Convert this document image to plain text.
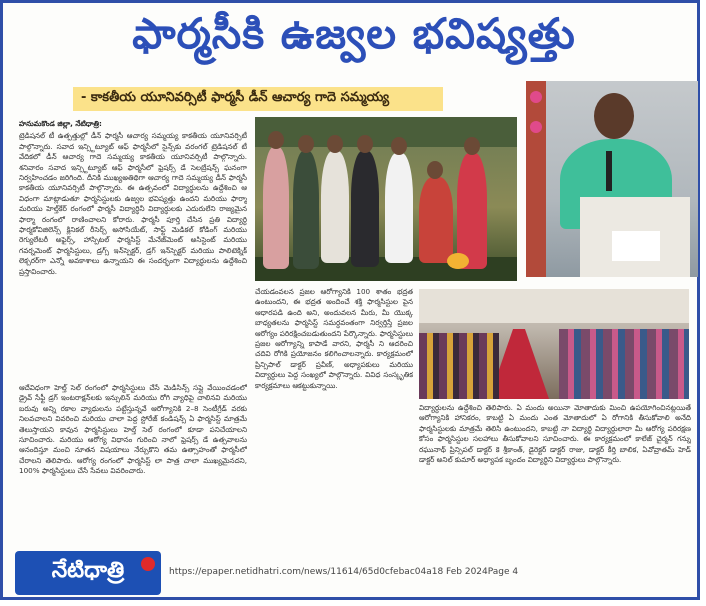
ఫార్మసీకి ఉజ్వల భవిష్యత్తు
- కాకతీయ యూనివర్సిటీ ఫార్మసీ డీన్ ఆచార్య గాదె సమ్మయ్య

హనుమకొండ జిల్లా, నేటిధాత్రి:

ట్రెడిషనల్ టీ ఉత్పత్తుల్లో డీన్ ఫార్మసీ ఆచార్య సమ్మయ్య కాకతీయ యూనివర్సిటీ పాల్గొన్నారు. సవాద ఇన్స్టిట్యూట్ ఆఫ్ ఫార్మసీలో సైన్స్‌కు వరంగల్ ట్రెడిషనల్ టీ వేదికలో డీన్ ఆచార్య గాదె సమ్మయ్య కాకతీయ యూనివర్సిటీ పాల్గొన్నారు. శనివారం సవాద ఇన్స్టిట్యూట్ ఆఫ్ ఫార్మసీలో ఫ్రెషర్స్ డే సెలబ్రేషన్స్ ఘనంగా నిర్వహించడం జరిగింది. దీనికి ముఖ్యఅతిథిగా ఆచార్య గాదె సమ్మయ్య డీన్ ఫార్మసీ కాకతీయ యూనివర్సిటీ పాల్గొన్నారు. ఈ ఉత్సవంలో విద్యార్థులను ఉద్దేశించి ఆ విధంగా మాట్లాడుతూ ఫార్మసిస్టులకు ఉజ్వల భవిష్యత్తు ఉందని మరియు ఫార్మా మరియు హెల్త్‌కేర్ రంగంలో ఫార్మసీ విద్యార్థినీ విద్యార్థులకు ఎదురులేని రాజ్యమైన ఫార్మా రంగంలో రాణించాలని కోరారు. ఫార్మసీ పూర్తి చేసిన ప్రతి విద్యార్థి ఫార్మకోవిజిలెన్స్ క్లినికల్ రీసెర్చ్ అసోసియేట్, సాఫ్ట్ మెడికల్ కోడింగ్ మరియు రెగ్యులేటరీ అఫైర్స్, హాస్పిటల్ ఫార్మసిస్ట్ మేనేజ్‌మెంట్ అసిస్టెంట్ మరియు గవర్నమెంట్ ఫార్మసిస్టులు, డ్రగ్స్ ఇన్‌స్పెక్టర్, డ్రగ్ ఇన్‌స్పెక్టర్ మరియు పాలిటెక్నిక్ లెక్చరర్‌గా ఎన్నో అవకాశాలు ఉన్నాయని ఈ సందర్భంగా విద్యార్థులను ఉద్దేశించి ప్రస్తావించారు.

ఆదేవిధంగా హెల్త్ సెల్ రంగంలో ఫార్మసిస్టులు చేసే మెడిసిన్స్ సప్లై వేయించడంలో డ్రైవ్ సేఫ్టీ డ్రగ్ ఇంటరాక్షన్‌లకు ఇన్సులిన్ మరియు రోగి వ్యాధిపై చాలినవి మరియు బరువు అన్ని రకాల వ్యాధులను పట్టేస్తున్నవే ఆరోగ్యానికి 2–8 సెంటీగ్రేడ్ వరకు నిలవచాలని వివరించి మరియు చాలా పెద్ద స్టోరేజ్ కండిషన్స్ ఏ ఫార్మసిస్ట్ మాత్రమే తెలుస్తాయని కావున ఫార్మసిస్టులు హెల్త్ సెల్ రంగంలో కూడా పనిచేయాలని సూచించారు. మరియు ఆరోగ్య విధానం గురించి నాలో ఫ్రెషర్స్ డే ఉత్సవాలను ఆనందిస్తూ మంచి నూతన విషయాలు నేర్చుకొని తమ ఉత్సాహంతో ఫార్మసీలో చేరాలని తెలిపారు. ఆరోగ్య రంగంలో ఫార్మసిస్ట్ లా పాత్ర చాలా ముఖ్యమైనదని, 100% ఫార్మసిస్టులు చేసే సేవలు వివరించారు.

చేయడంవలన ప్రజల ఆరోగ్యానికి 100 శాతం భద్రత ఉంటుందని, ఈ భద్రత అందించే శక్తి ఫార్మసిస్టుల పైన ఆధారపడి ఉంది అని, అందువలన మీరు, మీ యొక్క బాధ్యతలను ఫార్మసిస్ట్ సమర్థవంతంగా నిర్వర్తిస్తే ప్రజల ఆరోగ్యం పరిరక్షించబడుతుందని పేర్కొన్నారు. ఫార్మసిస్టులు ప్రజల ఆరోగ్యాన్ని కాపాడే వారని, ఫార్మసీ ని ఆదరించి చదివి రోగికి ప్రయోజనం కలిగించాలన్నారు. కార్యక్రమంలో ప్రిన్సిపాల్ డాక్టర్ ప్రవీణ్, అధ్యాపకులు మరియు విద్యార్థులు పెద్ద సంఖ్యలో పాల్గొన్నారు. వివిధ సంస్కృతిక కార్యక్రమాలు ఆకట్టుకున్నాయి.

విద్యార్థులను ఉద్దేశించి తెలిపారు. ఏ మందు అయినా మోతాదుకు మించి ఉపయోగించినట్లయితే ఆరోగ్యానికి హానికరం, కాబట్టి ఏ మందు ఎంత మోతాదులో ఏ రోగానికి తీసుకోవాలి అనేది ఫార్మసిస్టులకు మాత్రమే తెలిసి ఉంటుందని, కాబట్టి నా విద్యార్థి విద్యార్థులారా మీ ఆరోగ్య పరిరక్షణ కోసం ఫార్మసిస్టుల సలహాలు తీసుకోవాలని సూచించారు. ఈ కార్యక్రమంలో కాలేజ్ చైర్మన్ గన్ను రఘునాథ్ ప్రిన్సిపల్ డాక్టర్ కె శ్రీకాంత్, డైరెక్టర్ డాక్టర్ రాజు, డాక్టర్ కీర్తి బాలిక, ఏవోవ్రాతమ్ హెడ్ డాక్టర్ అనిల్ కుమార్ అధ్యాపక బృందం విద్యార్థిని విద్యార్థులు పాల్గొన్నారు.

నేటిధాత్రి	https://epaper.netidhatri.com/news/11614/65d0cfebac04a18 Feb 2024Page 4
